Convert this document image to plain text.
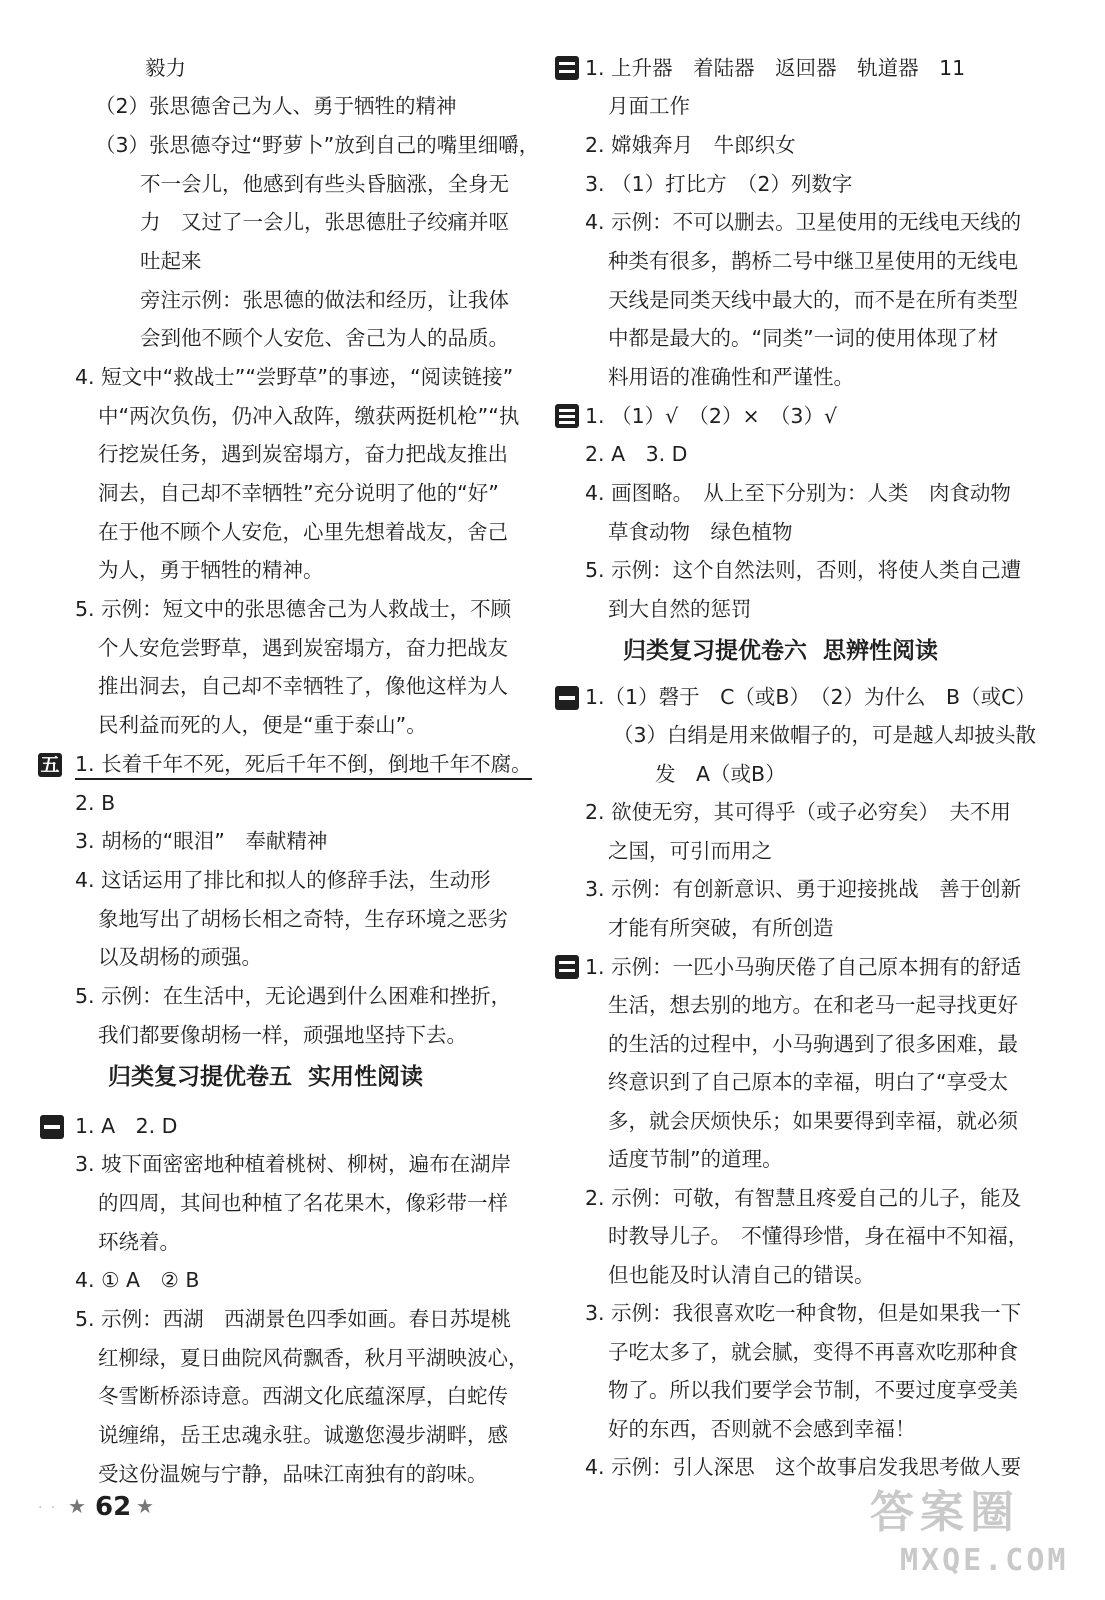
毅力
（2）张思德舍己为人、勇于牺牲的精神
（3）张思德夺过“野萝卜”放到自己的嘴里细嚼，
不一会儿，他感到有些头昏脑涨，全身无
力　又过了一会儿，张思德肚子绞痛并呕
吐起来
旁注示例：张思德的做法和经历，让我体
会到他不顾个人安危、舍己为人的品质。
4. 短文中“救战士”“尝野草”的事迹，“阅读链接”
中“两次负伤，仍冲入敌阵，缴获两挺机枪”“执
行挖炭任务，遇到炭窑塌方，奋力把战友推出
洞去，自己却不幸牺牲”充分说明了他的“好”
在于他不顾个人安危，心里先想着战友，舍己
为人，勇于牺牲的精神。
5. 示例：短文中的张思德舍己为人救战士，不顾
个人安危尝野草，遇到炭窑塌方，奋力把战友
推出洞去，自己却不幸牺牲了，像他这样为人
民利益而死的人，便是“重于泰山”。
五
1. 长着千年不死，死后千年不倒，倒地千年不腐。
2. B
3. 胡杨的“眼泪”　奉献精神
4. 这话运用了排比和拟人的修辞手法，生动形
象地写出了胡杨长相之奇特，生存环境之恶劣
以及胡杨的顽强。
5. 示例：在生活中，无论遇到什么困难和挫折，
我们都要像胡杨一样，顽强地坚持下去。
归类复习提优卷五  实用性阅读
1. A　2. D
3. 坡下面密密地种植着桃树、柳树，遍布在湖岸
的四周，其间也种植了名花果木，像彩带一样
环绕着。
4. ① A　② B
5. 示例：西湖　西湖景色四季如画。春日苏堤桃
红柳绿，夏日曲院风荷飘香，秋月平湖映波心，
冬雪断桥添诗意。西湖文化底蕴深厚，白蛇传
说缠绵，岳王忠魂永驻。诚邀您漫步湖畔，感
受这份温婉与宁静，品味江南独有的韵味。
1. 上升器　着陆器　返回器　轨道器　11
月面工作
2. 嫦娥奔月　牛郎织女
3. （1）打比方　（2）列数字
4. 示例：不可以删去。卫星使用的无线电天线的
种类有很多，鹊桥二号中继卫星使用的无线电
天线是同类天线中最大的，而不是在所有类型
中都是最大的。“同类”一词的使用体现了材
料用语的准确性和严谨性。
1. （1）√　（2）×　（3）√
2. A　3. D
4. 画图略。　从上至下分别为：人类　肉食动物
草食动物　绿色植物
5. 示例：这个自然法则，否则，将使人类自己遭
到大自然的惩罚
归类复习提优卷六  思辨性阅读
1.（1）磬于　C（或B）　（2）为什么　B（或C）
（3）白绢是用来做帽子的，可是越人却披头散
发　A（或B）
2. 欲使无穷，其可得乎（或子必穷矣）　夫不用
之国，可引而用之
3. 示例：有创新意识、勇于迎接挑战　善于创新
才能有所突破，有所创造
1. 示例：一匹小马驹厌倦了自己原本拥有的舒适
生活，想去别的地方。在和老马一起寻找更好
的生活的过程中，小马驹遇到了很多困难，最
终意识到了自己原本的幸福，明白了“享受太
多，就会厌烦快乐；如果要得到幸福，就必须
适度节制”的道理。
2. 示例：可敬，有智慧且疼爱自己的儿子，能及
时教导儿子。　不懂得珍惜，身在福中不知福，
但也能及时认清自己的错误。
3. 示例：我很喜欢吃一种食物，但是如果我一下
子吃太多了，就会腻，变得不再喜欢吃那种食
物了。所以我们要学会节制，不要过度享受美
好的东西，否则就不会感到幸福！
4. 示例：引人深思　这个故事启发我思考做人要
· · ★ 62 ★	答案圈
MXQE.COM
